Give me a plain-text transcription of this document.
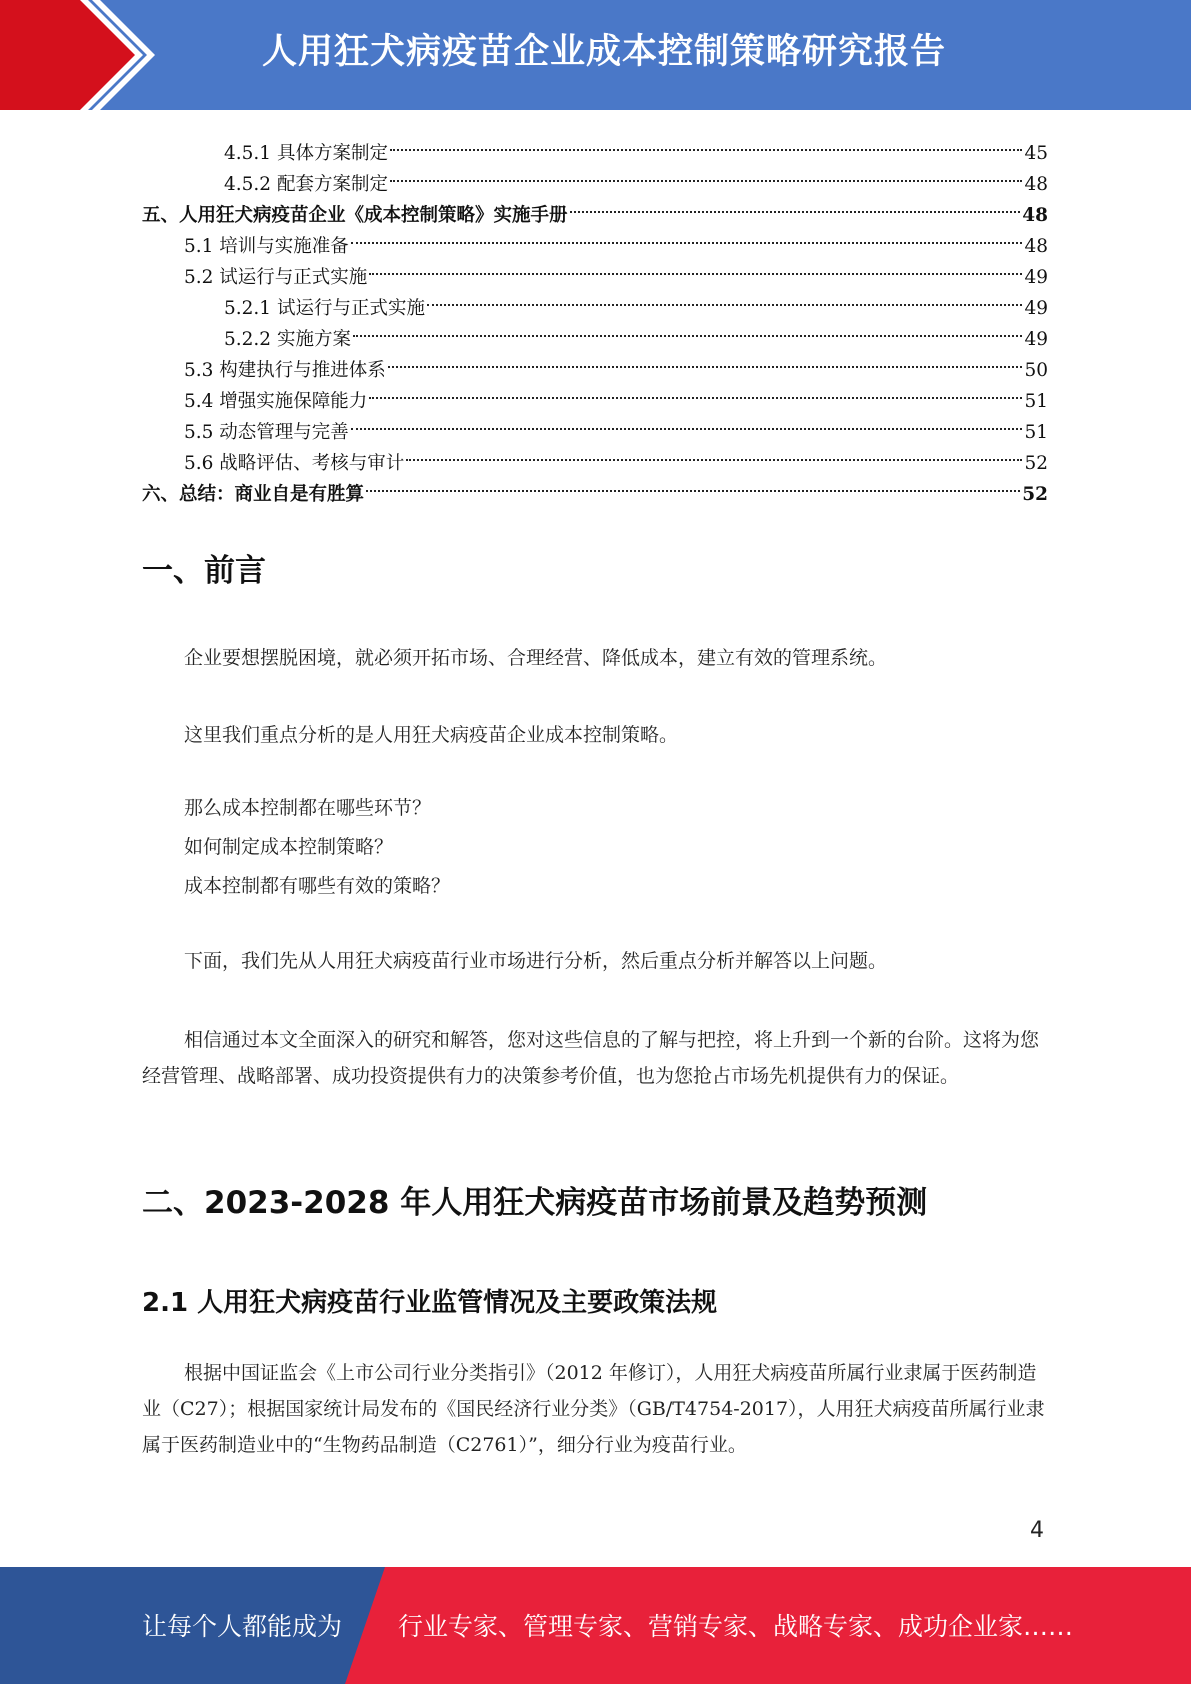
人用狂犬病疫苗企业成本控制策略研究报告
4.5.1 具体方案制定	45
4.5.2 配套方案制定	48
五、人用狂犬病疫苗企业《成本控制策略》实施手册	48
5.1 培训与实施准备	48
5.2 试运行与正式实施	49
5.2.1 试运行与正式实施	49
5.2.2 实施方案	49
5.3 构建执行与推进体系	50
5.4 增强实施保障能力	51
5.5 动态管理与完善	51
5.6 战略评估、考核与审计	52
六、总结：商业自是有胜算	52
一、前言
企业要想摆脱困境，就必须开拓市场、合理经营、降低成本，建立有效的管理系统。
这里我们重点分析的是人用狂犬病疫苗企业成本控制策略。
那么成本控制都在哪些环节？
如何制定成本控制策略？
成本控制都有哪些有效的策略？
下面，我们先从人用狂犬病疫苗行业市场进行分析，然后重点分析并解答以上问题。
相信通过本文全面深入的研究和解答，您对这些信息的了解与把控，将上升到一个新的台阶。这将为您经营管理、战略部署、成功投资提供有力的决策参考价值，也为您抢占市场先机提供有力的保证。
二、2023-2028 年人用狂犬病疫苗市场前景及趋势预测
2.1 人用狂犬病疫苗行业监管情况及主要政策法规
根据中国证监会《上市公司行业分类指引》（2012 年修订），人用狂犬病疫苗所属行业隶属于医药制造业（C27）；根据国家统计局发布的《国民经济行业分类》（GB/T4754-2017），人用狂犬病疫苗所属行业隶属于医药制造业中的“生物药品制造（C2761）”，细分行业为疫苗行业。
4
让每个人都能成为 行业专家、管理专家、营销专家、战略专家、成功企业家……
